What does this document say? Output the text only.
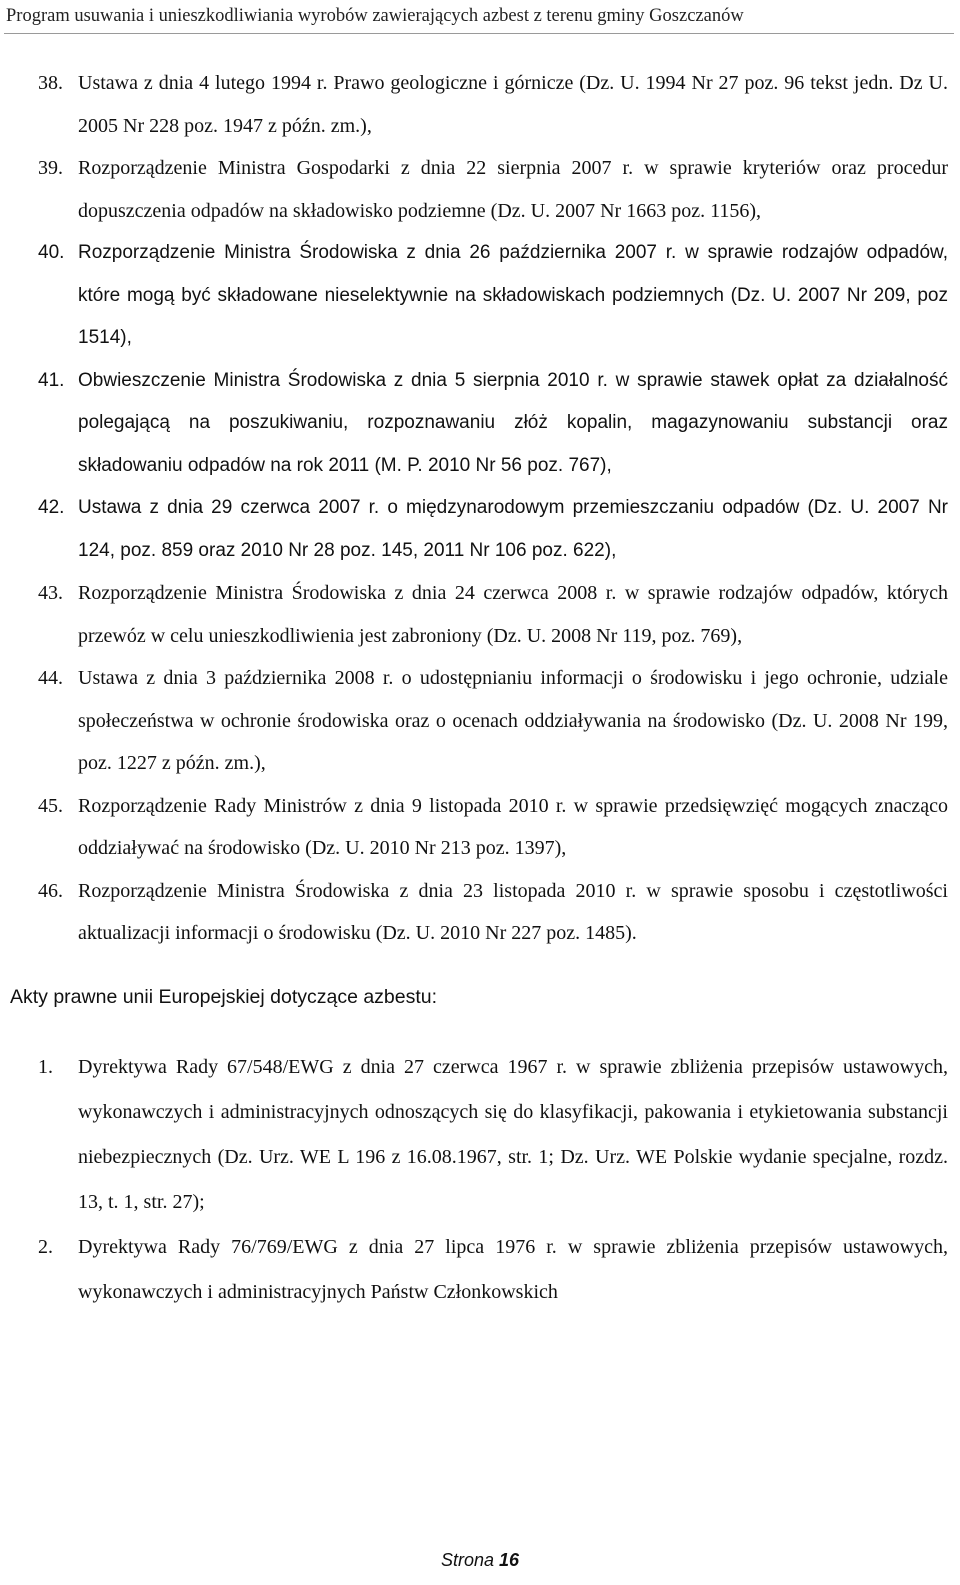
Program usuwania i unieszkodliwiania wyrobów zawierających azbest z terenu gminy Goszczanów
38. Ustawa z dnia 4 lutego 1994 r. Prawo geologiczne i górnicze (Dz. U. 1994 Nr 27 poz. 96 tekst jedn. Dz U. 2005 Nr 228 poz. 1947 z późn. zm.),
39. Rozporządzenie Ministra Gospodarki z dnia 22 sierpnia 2007 r. w sprawie kryteriów oraz procedur dopuszczenia odpadów na składowisko podziemne (Dz. U. 2007 Nr 1663 poz. 1156),
40. Rozporządzenie Ministra Środowiska z dnia 26 października 2007 r. w sprawie rodzajów odpadów, które mogą być składowane nieselektywnie na składowiskach podziemnych (Dz. U. 2007 Nr 209, poz 1514),
41. Obwieszczenie Ministra Środowiska z dnia 5 sierpnia 2010 r. w sprawie stawek opłat za działalność polegającą na poszukiwaniu, rozpoznawaniu złóż kopalin, magazynowaniu substancji oraz składowaniu odpadów na rok 2011 (M. P. 2010 Nr 56 poz. 767),
42. Ustawa z dnia 29 czerwca 2007 r. o międzynarodowym przemieszczaniu odpadów (Dz. U. 2007 Nr 124, poz. 859 oraz 2010 Nr 28 poz. 145, 2011 Nr 106 poz. 622),
43. Rozporządzenie Ministra Środowiska z dnia 24 czerwca 2008 r. w sprawie rodzajów odpadów, których przewóz w celu unieszkodliwienia jest zabroniony (Dz. U. 2008 Nr 119, poz. 769),
44. Ustawa z dnia 3 października 2008 r. o udostępnianiu informacji o środowisku i jego ochronie, udziale społeczeństwa w ochronie środowiska oraz o ocenach oddziaływania na środowisko (Dz. U. 2008 Nr 199, poz. 1227 z późn. zm.),
45. Rozporządzenie Rady Ministrów z dnia 9 listopada 2010 r. w sprawie przedsięwzięć mogących znacząco oddziaływać na środowisko (Dz. U. 2010 Nr 213 poz. 1397),
46. Rozporządzenie Ministra Środowiska z dnia 23 listopada 2010 r. w sprawie sposobu i częstotliwości aktualizacji informacji o środowisku (Dz. U. 2010 Nr 227 poz. 1485).

Akty prawne unii Europejskiej dotyczące azbestu:

1. Dyrektywa Rady 67/548/EWG z dnia 27 czerwca 1967 r. w sprawie zbliżenia przepisów ustawowych, wykonawczych i administracyjnych odnoszących się do klasyfikacji, pakowania i etykietowania substancji niebezpiecznych (Dz. Urz. WE L 196 z 16.08.1967, str. 1; Dz. Urz. WE Polskie wydanie specjalne, rozdz. 13, t. 1, str. 27);
2. Dyrektywa Rady 76/769/EWG z dnia 27 lipca 1976 r. w sprawie zbliżenia przepisów ustawowych, wykonawczych i administracyjnych Państw Członkowskich
Strona 16
